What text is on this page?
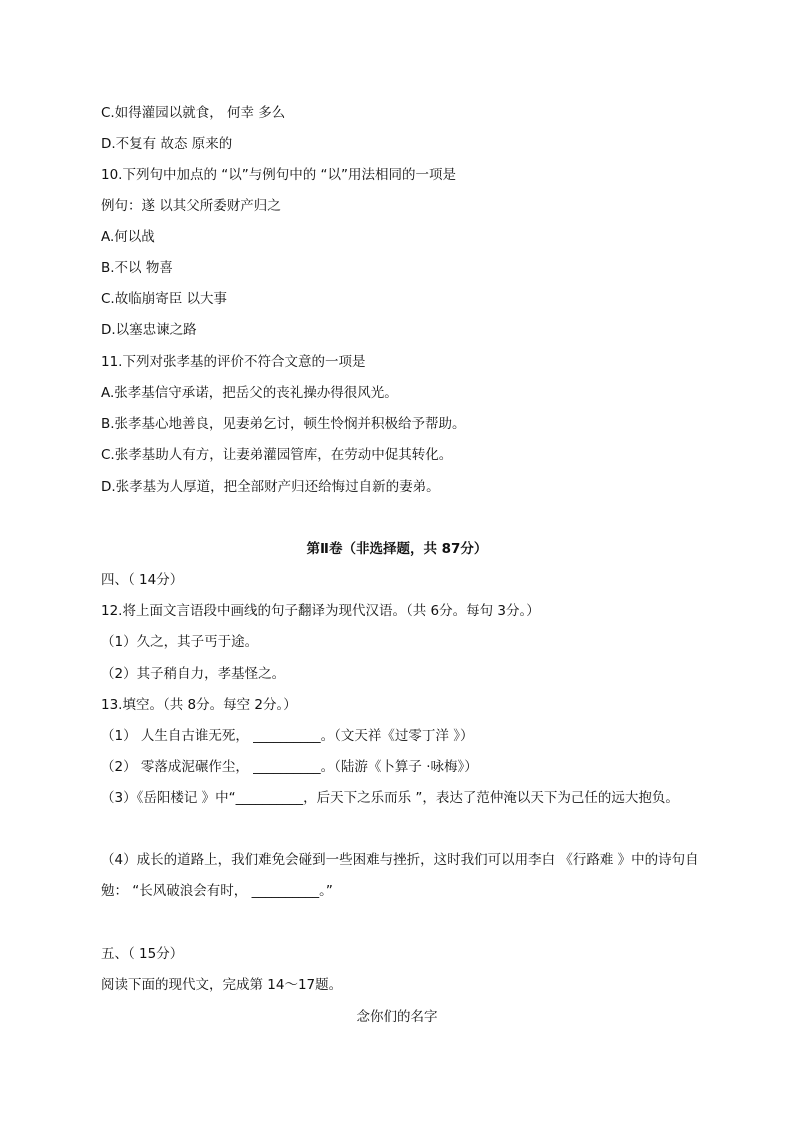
C.如得灌园以就食， 何幸 多么
D.不复有 故态 原来的
10.下列句中加点的 “以”与例句中的 “以”用法相同的一项是
例句：遂 以其父所委财产归之
A.何以战
B.不以 物喜
C.故临崩寄臣 以大事
D.以塞忠谏之路
11.下列对张孝基的评价不符合文意的一项是
A.张孝基信守承诺，把岳父的丧礼操办得很风光。
B.张孝基心地善良，见妻弟乞讨，顿生怜悯并积极给予帮助。
C.张孝基助人有方，让妻弟灌园管库，在劳动中促其转化。
D.张孝基为人厚道，把全部财产归还给悔过自新的妻弟。
第Ⅱ卷（非选择题，共 87分）
四、（ 14分）
12.将上面文言语段中画线的句子翻译为现代汉语。（共 6分。每句 3分。）
（1）久之，其子丐于途。
（2）其子稍自力，孝基怪之。
13.填空。（共 8分。每空 2分。）
（1） 人生自古谁无死， __________。（文天祥《过零丁洋 》）
（2） 零落成泥碾作尘， __________。（陆游《卜算子 ·咏梅》）
（3）《岳阳楼记 》中“__________，后天下之乐而乐 ”，表达了范仲淹以天下为己任的远大抱负。
（4）成长的道路上，我们难免会碰到一些困难与挫折，这时我们可以用李白 《行路难 》中的诗句自勉： “长风破浪会有时， __________。”
五、（ 15分）
阅读下面的现代文，完成第 14～17题。
念你们的名字
